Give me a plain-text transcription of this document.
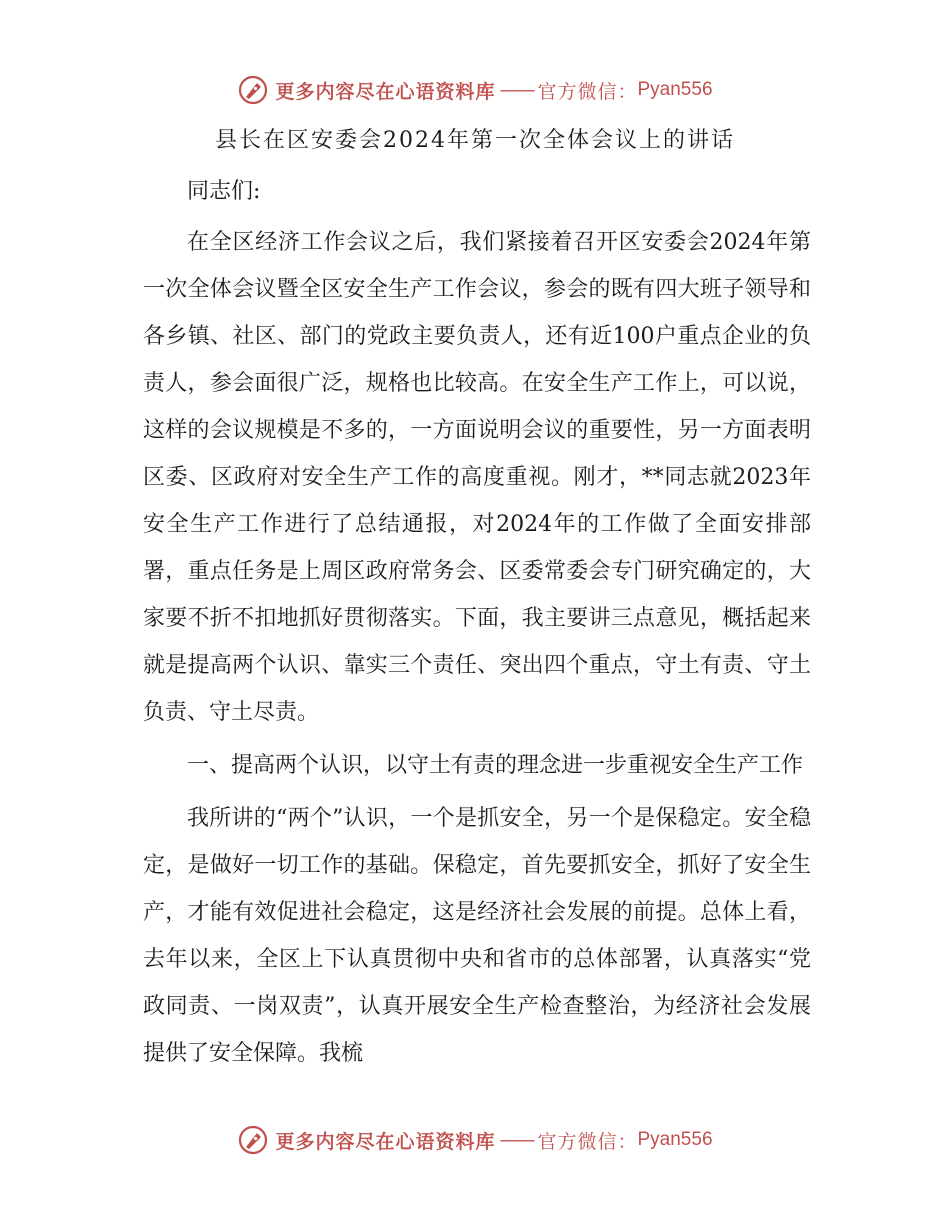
更多内容尽在心语资料库 —— 官方微信： Pyan556
县长在区安委会2024年第一次全体会议上的讲话

同志们:

在全区经济工作会议之后，我们紧接着召开区安委会2024年第一次全体会议暨全区安全生产工作会议，参会的既有四大班子领导和各乡镇、社区、部门的党政主要负责人，还有近100户重点企业的负责人，参会面很广泛，规格也比较高。在安全生产工作上，可以说，这样的会议规模是不多的，一方面说明会议的重要性，另一方面表明区委、区政府对安全生产工作的高度重视。刚才，**同志就2023年安全生产工作进行了总结通报，对2024年的工作做了全面安排部署，重点任务是上周区政府常务会、区委常委会专门研究确定的，大家要不折不扣地抓好贯彻落实。下面，我主要讲三点意见，概括起来就是提高两个认识、靠实三个责任、突出四个重点，守土有责、守土负责、守土尽责。

一、提高两个认识，以守土有责的理念进一步重视安全生产工作

我所讲的“两个”认识，一个是抓安全，另一个是保稳定。安全稳定，是做好一切工作的基础。保稳定，首先要抓安全，抓好了安全生产，才能有效促进社会稳定，这是经济社会发展的前提。总体上看，去年以来，全区上下认真贯彻中央和省市的总体部署，认真落实“党政同责、一岗双责”，认真开展安全生产检查整治，为经济社会发展提供了安全保障。我梳

更多内容尽在心语资料库 —— 官方微信： Pyan556
